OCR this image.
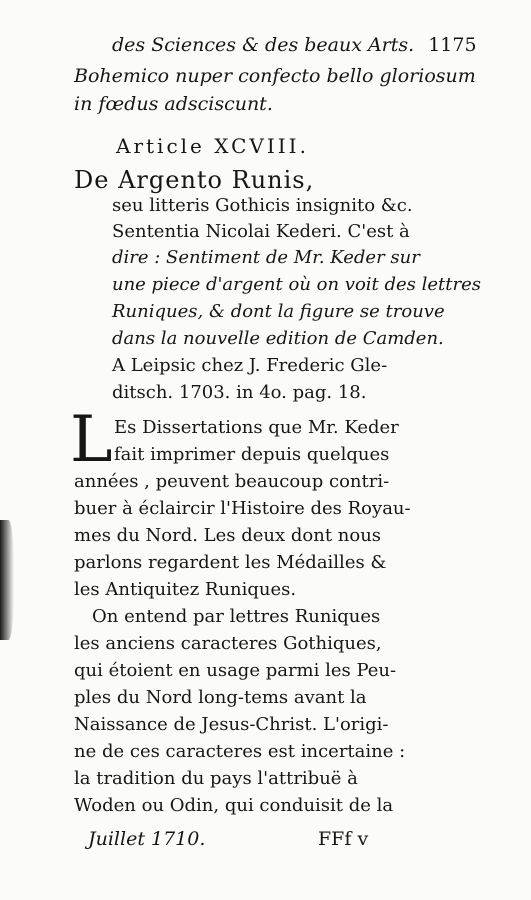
des Sciences & des beaux Arts. 1175
Bohemico nuper confecto bello gloriosum
in fœdus adsciscunt.
Article XCVIII.
De Argento Runis,
seu litteris Gothicis insignito &c.
Sententia Nicolai Kederi. C'est à
dire : Sentiment de Mr. Keder sur
une piece d'argent où on voit des lettres
Runiques, & dont la figure se trouve
dans la nouvelle edition de Camden.
A Leipsic chez J. Frederic Gle-
ditsch. 1703. in 4o. pag. 18.
L Es Dissertations que Mr. Keder
fait imprimer depuis quelques
années , peuvent beaucoup contri-
buer à éclaircir l'Histoire des Royau-
mes du Nord. Les deux dont nous
parlons regardent les Médailles &
les Antiquitez Runiques.
On entend par lettres Runiques
les anciens caracteres Gothiques,
qui étoient en usage parmi les Peu-
ples du Nord long-tems avant la
Naissance de Jesus-Christ. L'origi-
ne de ces caracteres est incertaine :
la tradition du pays l'attribuë à
Woden ou Odin, qui conduisit de la
Juillet 1710.	FFf v
